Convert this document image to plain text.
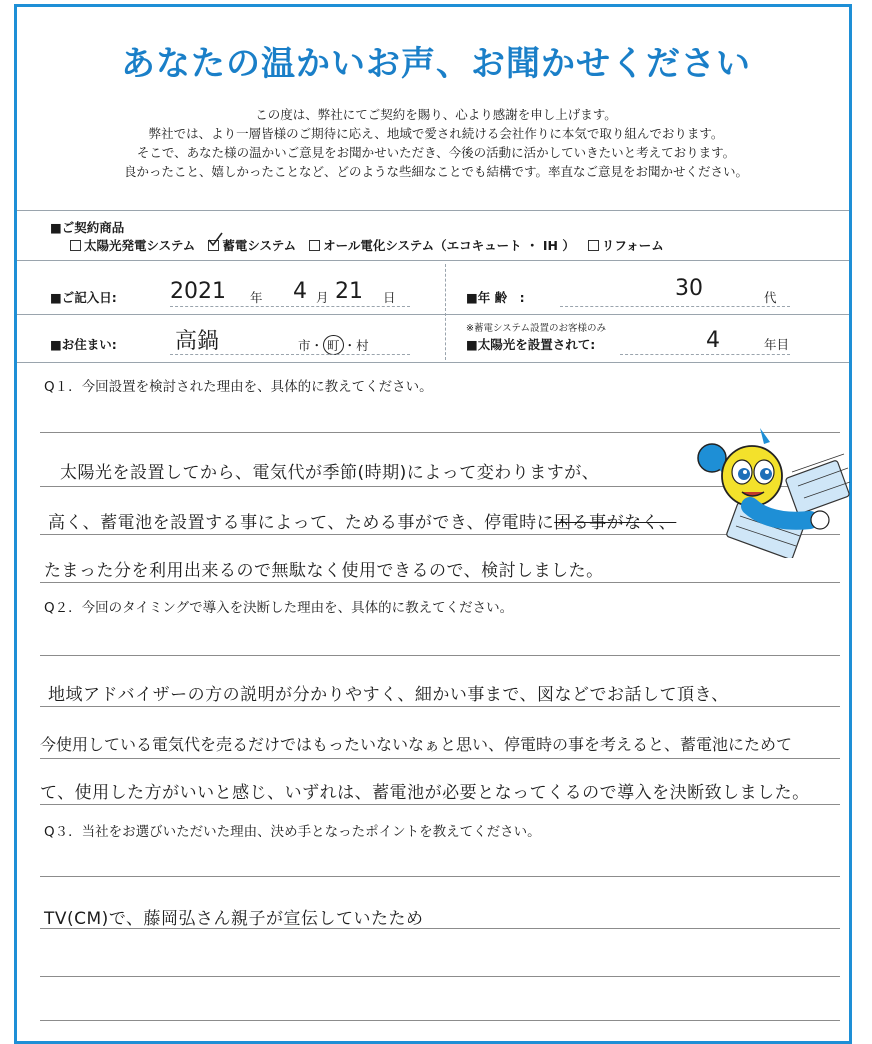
あなたの温かいお声、お聞かせください
この度は、弊社にてご契約を賜り、心より感謝を申し上げます。
弊社では、より一層皆様のご期待に応え、地域で愛され続ける会社作りに本気で取り組んでおります。
そこで、あなた様の温かいご意見をお聞かせいただき、今後の活動に活かしていきたいと考えております。
良かったこと、嬉しかったことなど、どのような些細なことでも結構です。率直なご意見をお聞かせください。
■ご契約商品
太陽光発電システム 蓄電システム オール電化システム（エコキュート ・ IH ） リフォーム
■ご記入日: 2021 年 4 月 21 日	■年 齢　:	30	代
■お住まい:	高鍋	市・ 町 ・村
※蓄電システム設置のお客様のみ
■太陽光を設置されて:	4	年目
Q１．今回設置を検討された理由を、具体的に教えてください。
太陽光を設置してから、電気代が季節(時期)によって変わりますが、
高く、蓄電池を設置する事によって、ためる事ができ、停電時に困る事がなく、
たまった分を利用出来るので無駄なく使用できるので、検討しました。
Q２．今回のタイミングで導入を決断した理由を、具体的に教えてください。
地域アドバイザーの方の説明が分かりやすく、細かい事まで、図などでお話して頂き、
今使用している電気代を売るだけではもったいないなぁと思い、停電時の事を考えると、蓄電池にためて
て、使用した方がいいと感じ、いずれは、蓄電池が必要となってくるので導入を決断致しました。
Q３．当社をお選びいただいた理由、決め手となったポイントを教えてください。
TV(CM)で、藤岡弘さん親子が宣伝していたため
